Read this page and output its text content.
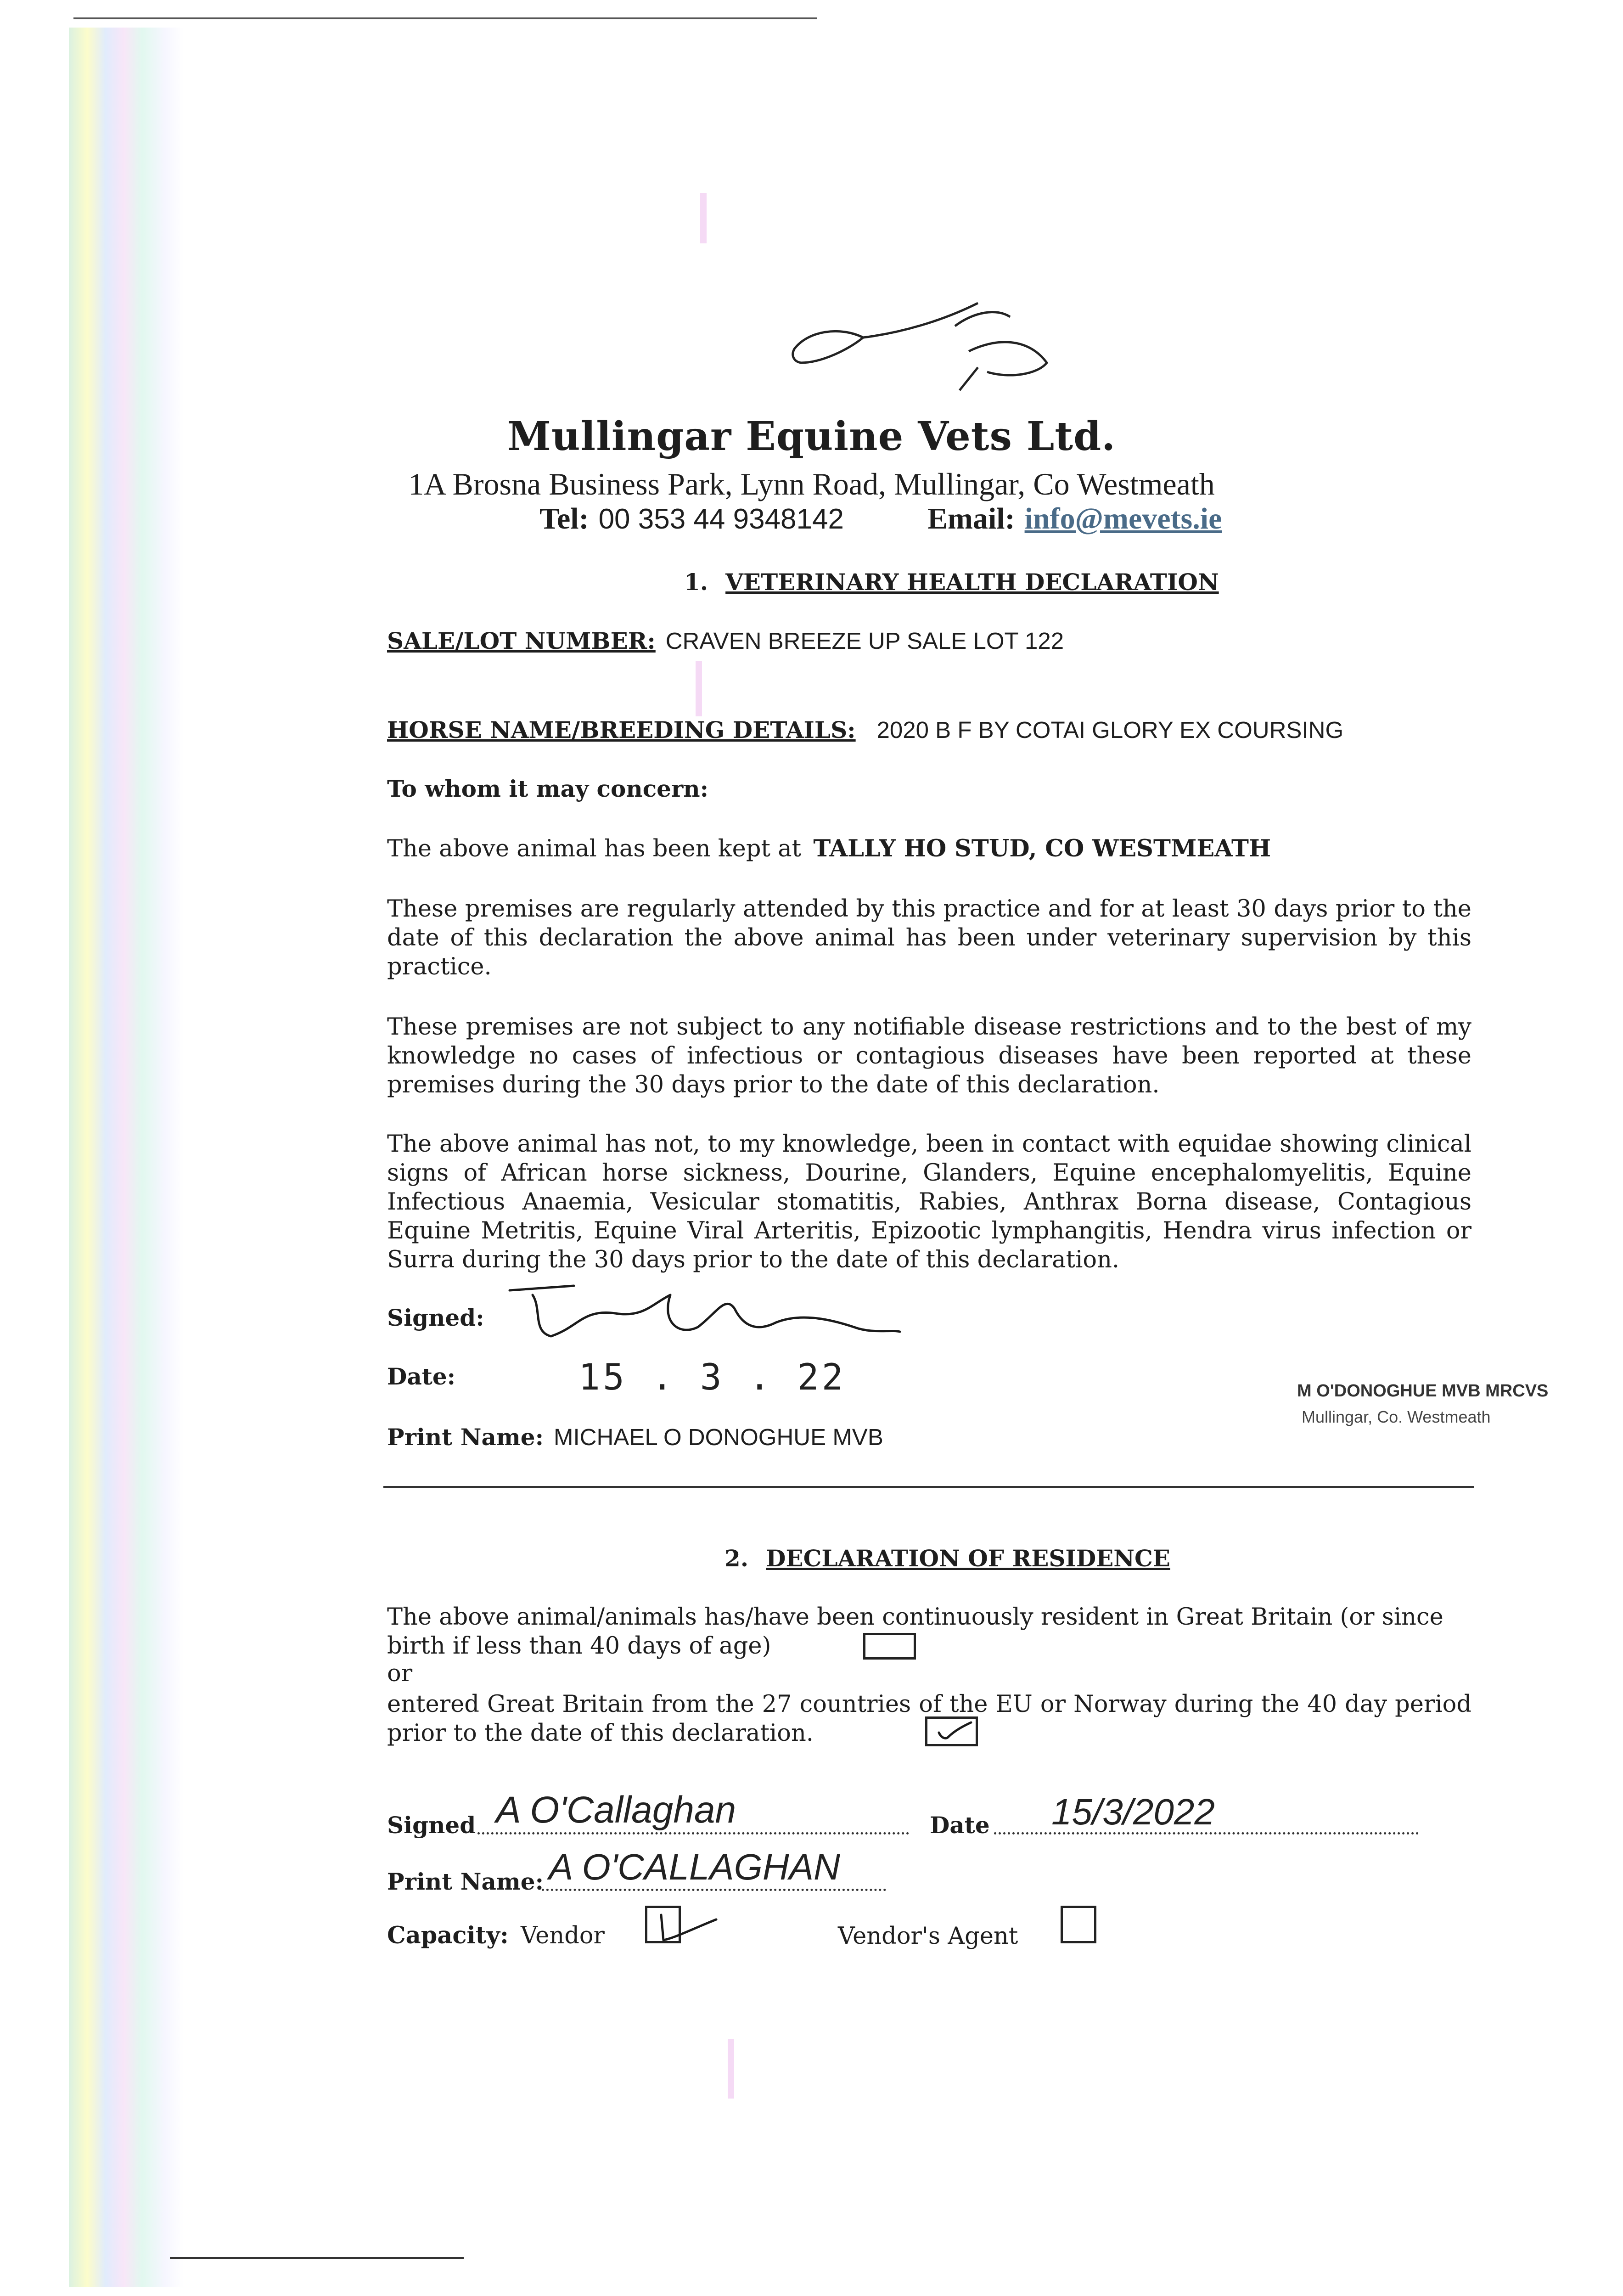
Mullingar Equine Vets Ltd.
1A Brosna Business Park, Lynn Road, Mullingar, Co Westmeath
Tel: 00 353 44 9348142	Email: info@mevets.ie
1. VETERINARY HEALTH DECLARATION
SALE/LOT NUMBER: CRAVEN BREEZE UP SALE LOT 122
HORSE NAME/BREEDING DETAILS: 2020 B F BY COTAI GLORY EX COURSING
To whom it may concern:
The above animal has been kept at TALLY HO STUD, CO WESTMEATH

These premises are regularly attended by this practice and for at least 30 days prior to the date of this declaration the above animal has been under veterinary supervision by this practice.

These premises are not subject to any notifiable disease restrictions and to the best of my knowledge no cases of infectious or contagious diseases have been reported at these premises during the 30 days prior to the date of this declaration.

The above animal has not, to my knowledge, been in contact with equidae showing clinical signs of African horse sickness, Dourine, Glanders, Equine encephalomyelitis, Equine Infectious Anaemia, Vesicular stomatitis, Rabies, Anthrax Borna disease, Contagious Equine Metritis, Equine Viral Arteritis, Epizootic lymphangitis, Hendra virus infection or Surra during the 30 days prior to the date of this declaration.

Signed:
Date:	15 . 3 . 22
Print Name: MICHAEL O DONOGHUE MVB
M O'DONOGHUE MVB MRCVS
Mullingar, Co. Westmeath
2. DECLARATION OF RESIDENCE

The above animal/animals has/have been continuously resident in Great Britain (or since birth if less than 40 days of age)

or

entered Great Britain from the 27 countries of the EU or Norway during the 40 day period prior to the date of this declaration.

Signed A O'Callaghan	Date 15/3/2022
Print Name: A O'CALLAGHAN
Capacity: Vendor	Vendor's Agent
